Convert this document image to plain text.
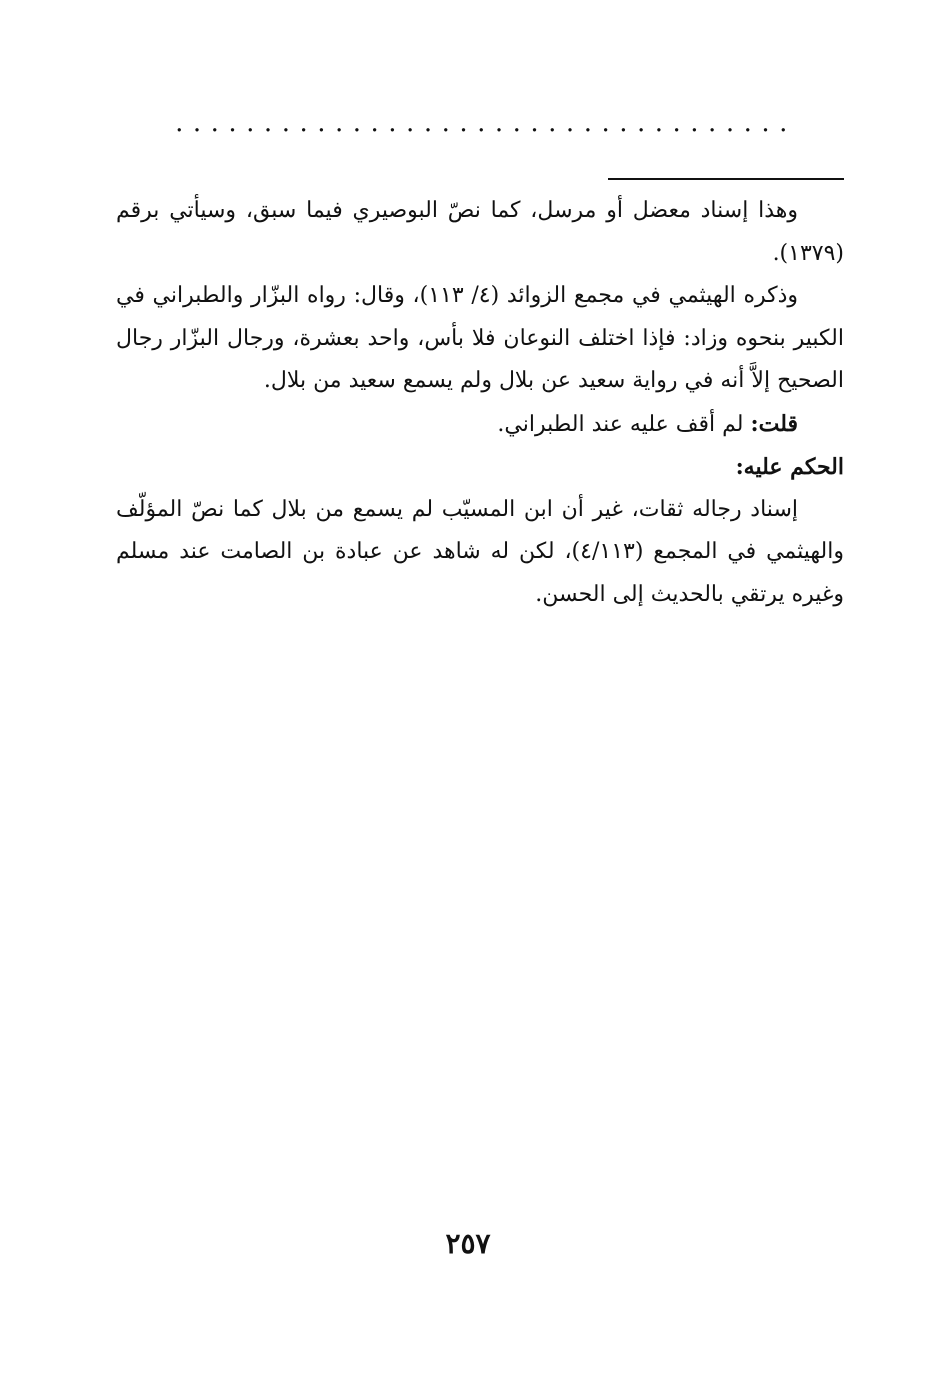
...................................

وهذا إسناد معضل أو مرسل، كما نصّ البوصيري فيما سبق، وسيأتي برقم (١٣٧٩).

وذكره الهيثمي في مجمع الزوائد (٤/ ١١٣)، وقال: رواه البزّار والطبراني في الكبير بنحوه وزاد: فإذا اختلف النوعان فلا بأس، واحد بعشرة، ورجال البزّار رجال الصحيح إلاَّ أنه في رواية سعيد عن بلال ولم يسمع سعيد من بلال.

قلت: لم أقف عليه عند الطبراني.

الحكم عليه:

إسناد رجاله ثقات، غير أن ابن المسيّب لم يسمع من بلال كما نصّ المؤلّف والهيثمي في المجمع (٤/١١٣)، لكن له شاهد عن عبادة بن الصامت عند مسلم وغيره يرتقي بالحديث إلى الحسن.

٢٥٧
